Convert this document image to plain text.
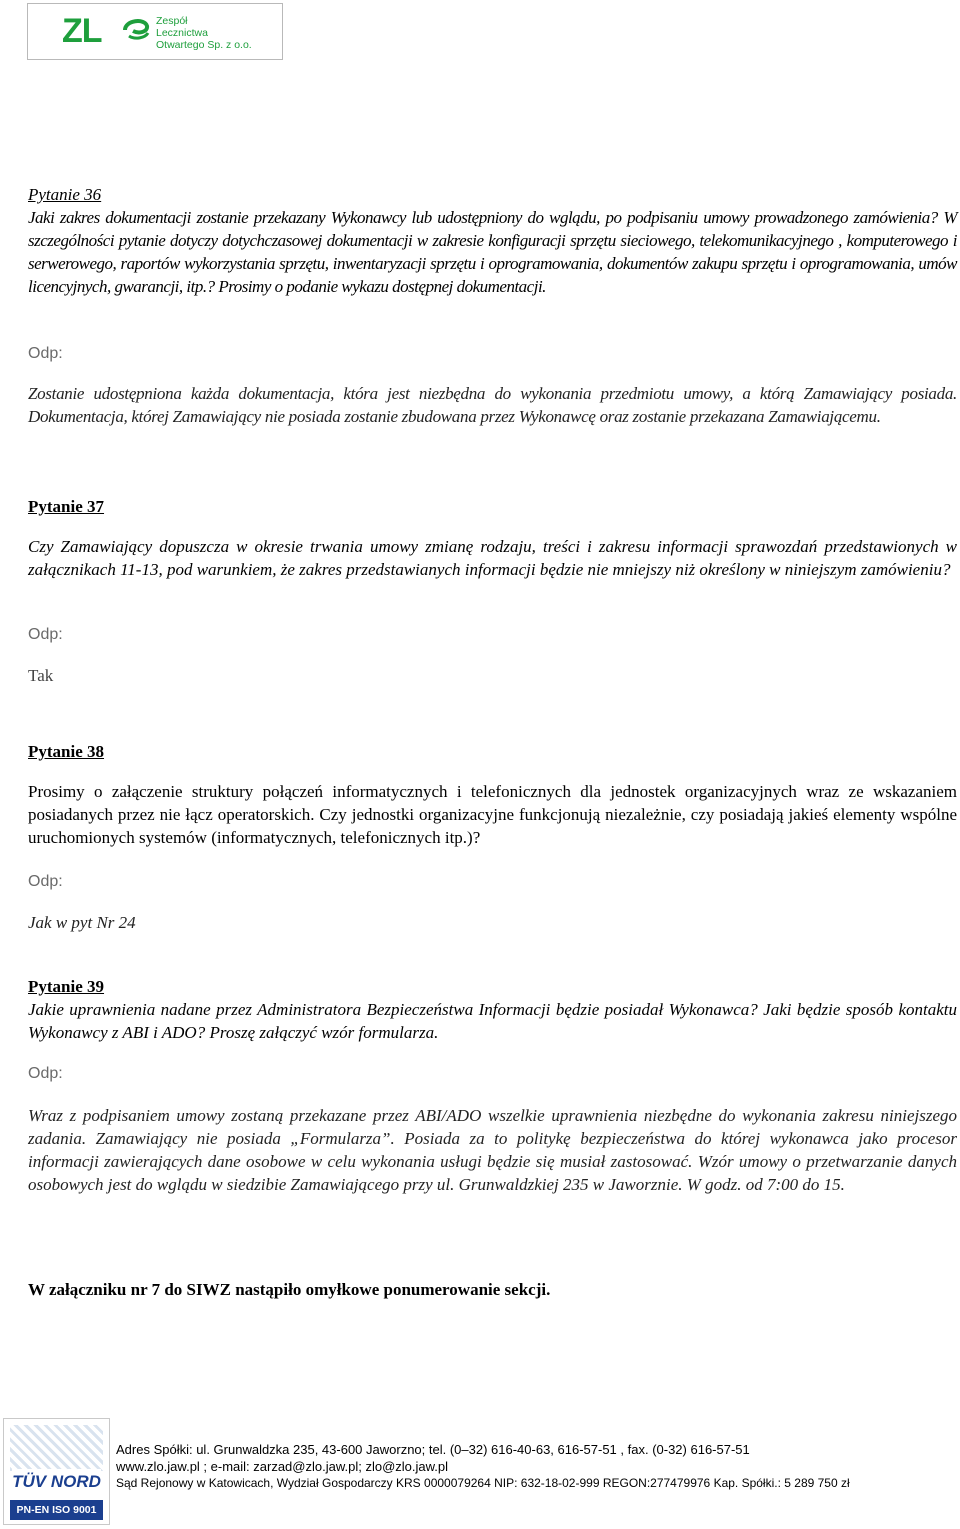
ZL	Zespół
Lecznictwa
Otwartego Sp. z o.o.

Pytanie 36

Jaki zakres dokumentacji zostanie przekazany Wykonawcy lub udostępniony do wglądu, po podpisaniu umowy prowadzonego zamówienia? W szczególności pytanie dotyczy dotychczasowej dokumentacji w zakresie konfiguracji sprzętu sieciowego, telekomunikacyjnego , komputerowego i serwerowego, raportów wykorzystania sprzętu, inwentaryzacji sprzętu i oprogramowania, dokumentów zakupu sprzętu i oprogramowania, umów licencyjnych, gwarancji, itp.? Prosimy o podanie wykazu dostępnej dokumentacji.

Odp:

Zostanie udostępniona każda dokumentacja, która jest niezbędna do wykonania przedmiotu umowy, a którą Zamawiający posiada. Dokumentacja, której Zamawiający nie posiada zostanie zbudowana przez Wykonawcę oraz zostanie przekazana Zamawiającemu.

Pytanie 37

Czy Zamawiający dopuszcza w okresie trwania umowy zmianę rodzaju, treści i zakresu informacji sprawozdań przedstawionych w załącznikach 11-13, pod warunkiem, że zakres przedstawianych informacji będzie nie mniejszy niż określony w niniejszym zamówieniu?

Odp:

Tak

Pytanie 38

Prosimy o załączenie struktury połączeń informatycznych i telefonicznych dla jednostek organizacyjnych wraz ze wskazaniem posiadanych przez nie łącz operatorskich. Czy jednostki organizacyjne funkcjonują niezależnie, czy posiadają jakieś elementy wspólne uruchomionych systemów (informatycznych, telefonicznych itp.)?

Odp:

Jak w pyt Nr 24

Pytanie 39

Jakie uprawnienia nadane przez Administratora Bezpieczeństwa Informacji będzie posiadał Wykonawca? Jaki będzie sposób kontaktu Wykonawcy z ABI i ADO? Proszę załączyć wzór formularza.

Odp:

Wraz z podpisaniem umowy zostaną przekazane przez ABI/ADO wszelkie uprawnienia niezbędne do wykonania zakresu niniejszego zadania. Zamawiający nie posiada „Formularza”. Posiada za to politykę bezpieczeństwa do której wykonawca jako procesor informacji zawierających dane osobowe w celu wykonania usługi będzie się musiał zastosować. Wzór umowy o przetwarzanie danych osobowych jest do wglądu w siedzibie Zamawiającego przy ul. Grunwaldzkiej 235 w Jaworznie. W godz. od 7:00 do 15.

W załączniku nr 7 do SIWZ nastąpiło omyłkowe ponumerowanie sekcji.

TÜV NORD
PN-EN ISO 9001
Adres Spółki: ul. Grunwaldzka 235, 43-600 Jaworzno; tel. (0–32) 616-40-63, 616-57-51 , fax. (0-32) 616-57-51
www.zlo.jaw.pl ; e-mail: zarzad@zlo.jaw.pl; zlo@zlo.jaw.pl
Sąd Rejonowy w Katowicach, Wydział Gospodarczy KRS 0000079264 NIP: 632-18-02-999 REGON:277479976 Kap. Spółki.: 5 289 750 zł
